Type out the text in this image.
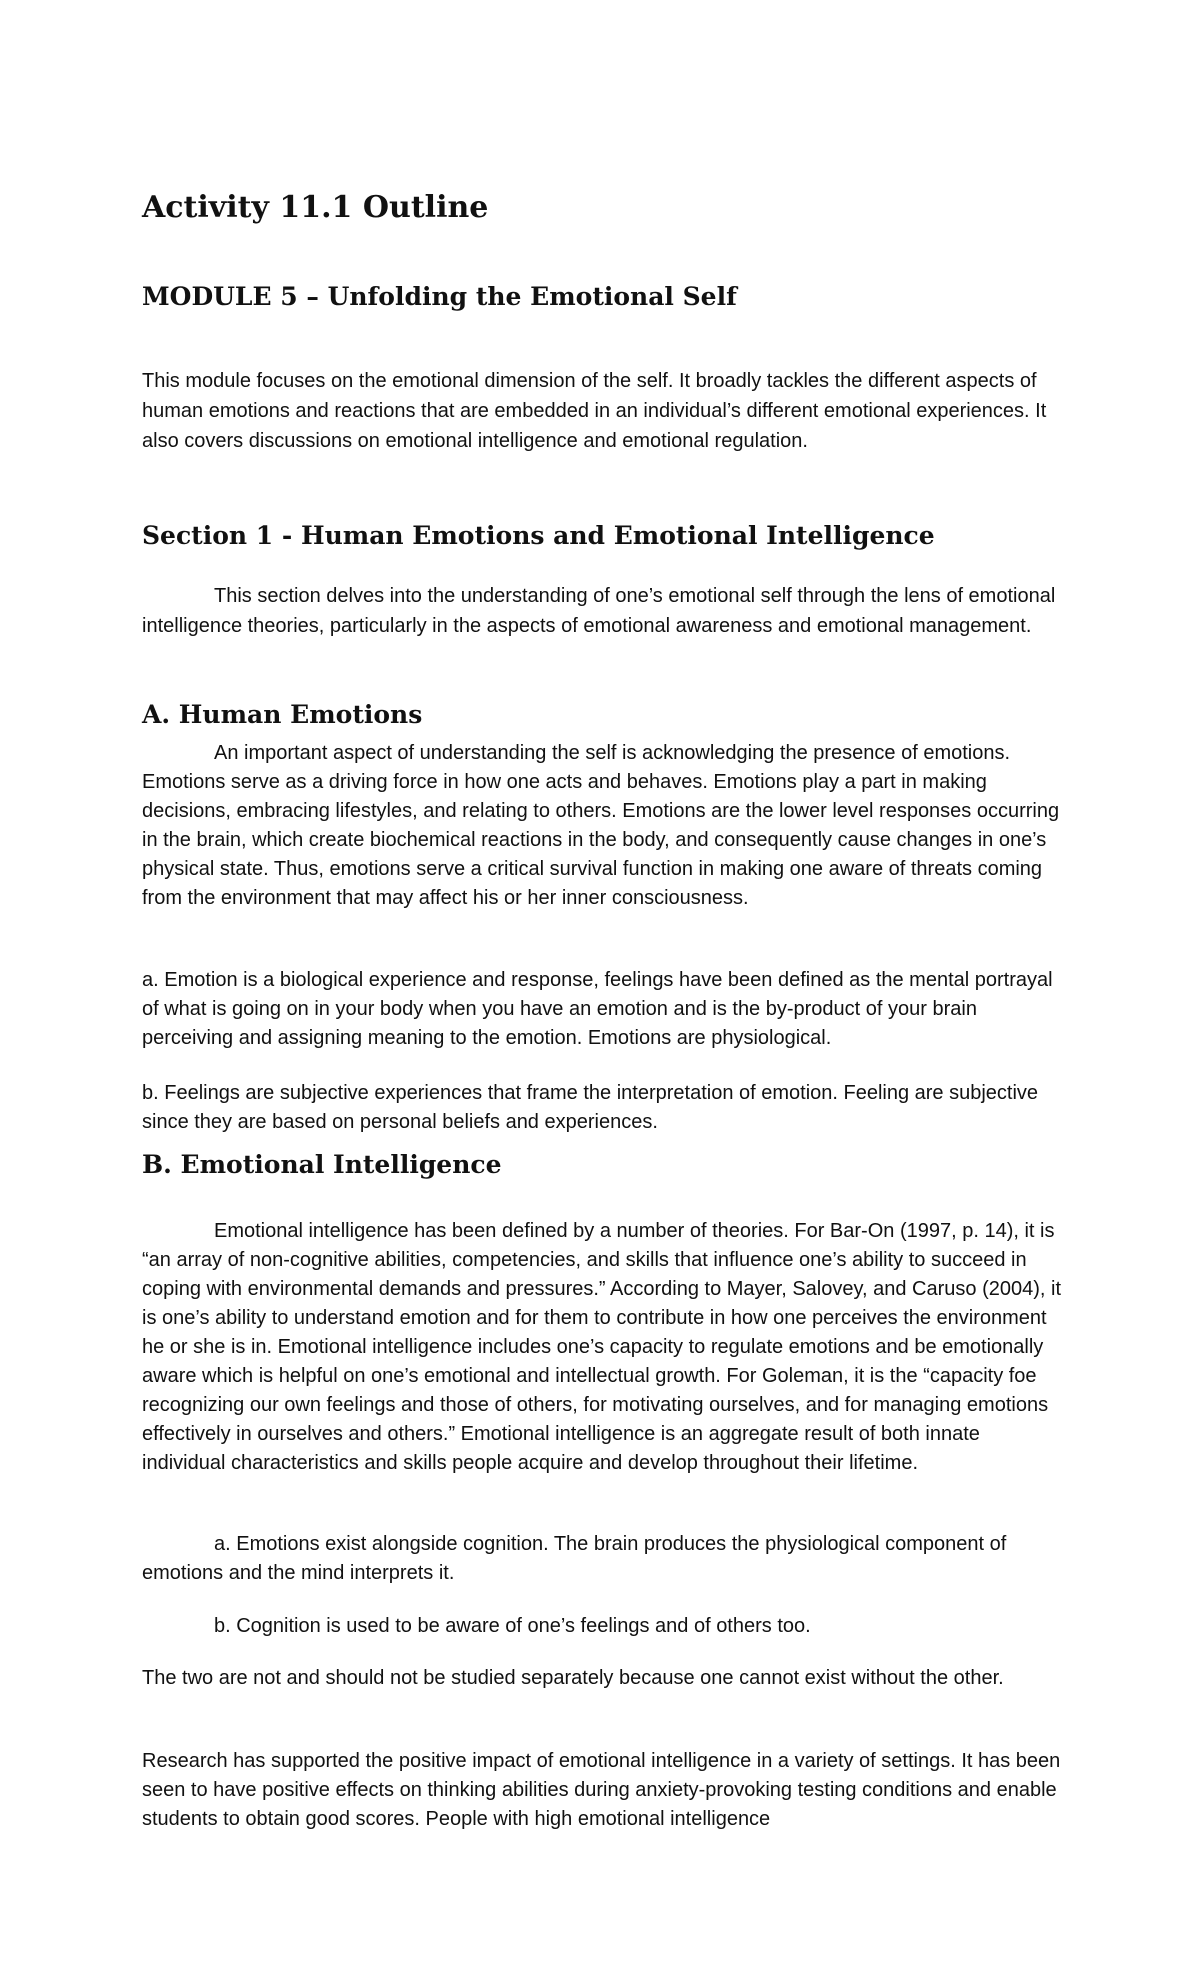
Activity 11.1 Outline
MODULE 5 – Unfolding the Emotional Self

This module focuses on the emotional dimension of the self. It broadly tackles the different aspects of human emotions and reactions that are embedded in an individual’s different emotional experiences. It also covers discussions on emotional intelligence and emotional regulation.

Section 1 - Human Emotions and Emotional Intelligence

This section delves into the understanding of one’s emotional self through the lens of emotional intelligence theories, particularly in the aspects of emotional awareness and emotional management.

A. Human Emotions

An important aspect of understanding the self is acknowledging the presence of emotions. Emotions serve as a driving force in how one acts and behaves. Emotions play a part in making decisions, embracing lifestyles, and relating to others. Emotions are the lower level responses occurring in the brain, which create biochemical reactions in the body, and consequently cause changes in one’s physical state. Thus, emotions serve a critical survival function in making one aware of threats coming from the environment that may affect his or her inner consciousness.

a. Emotion is a biological experience and response, feelings have been defined as the mental portrayal of what is going on in your body when you have an emotion and is the by-product of your brain perceiving and assigning meaning to the emotion. Emotions are physiological.

b. Feelings are subjective experiences that frame the interpretation of emotion. Feeling are subjective since they are based on personal beliefs and experiences.

B. Emotional Intelligence

Emotional intelligence has been defined by a number of theories. For Bar-On (1997, p. 14), it is “an array of non-cognitive abilities, competencies, and skills that influence one’s ability to succeed in coping with environmental demands and pressures.” According to Mayer, Salovey, and Caruso (2004), it is one’s ability to understand emotion and for them to contribute in how one perceives the environment he or she is in. Emotional intelligence includes one’s capacity to regulate emotions and be emotionally aware which is helpful on one’s emotional and intellectual growth. For Goleman, it is the “capacity foe recognizing our own feelings and those of others, for motivating ourselves, and for managing emotions effectively in ourselves and others.” Emotional intelligence is an aggregate result of both innate individual characteristics and skills people acquire and develop throughout their lifetime.

a. Emotions exist alongside cognition. The brain produces the physiological component of emotions and the mind interprets it.

b. Cognition is used to be aware of one’s feelings and of others too.

The two are not and should not be studied separately because one cannot exist without the other.

Research has supported the positive impact of emotional intelligence in a variety of settings. It has been seen to have positive effects on thinking abilities during anxiety-provoking testing conditions and enable students to obtain good scores. People with high emotional intelligence
